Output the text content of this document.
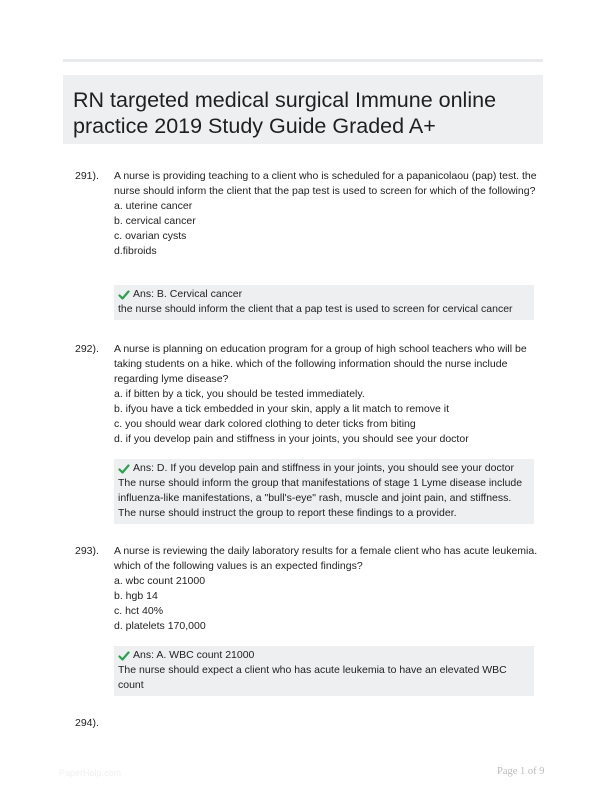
RN targeted medical surgical Immune online practice 2019 Study Guide Graded A+
291). A nurse is providing teaching to a client who is scheduled for a papanicolaou (pap) test. the nurse should inform the client that the pap test is used to screen for which of the following?

a. uterine cancer

b. cervical cancer

c. ovarian cysts

d.fibroids

Ans: B. Cervical cancer

the nurse should inform the client that a pap test is used to screen for cervical cancer

292). A nurse is planning on education program for a group of high school teachers who will be taking students on a hike. which of the following information should the nurse include regarding lyme disease?

a. if bitten by a tick, you should be tested immediately.

b. ifyou have a tick embedded in your skin, apply a lit match to remove it

c. you should wear dark colored clothing to deter ticks from biting

d. if you develop pain and stiffness in your joints, you should see your doctor

Ans: D. If you develop pain and stiffness in your joints, you should see your doctor

The nurse should inform the group that manifestations of stage 1 Lyme disease include influenza-like manifestations, a "bull's-eye" rash, muscle and joint pain, and stiffness. The nurse should instruct the group to report these findings to a provider.

293). A nurse is reviewing the daily laboratory results for a female client who has acute leukemia. which of the following values is an expected findings?

a. wbc count 21000

b. hgb 14

c. hct 40%

d. platelets 170,000

Ans: A. WBC count 21000

The nurse should expect a client who has acute leukemia to have an elevated WBC count

294).
PaperHelp.com	Page 1 of 9
